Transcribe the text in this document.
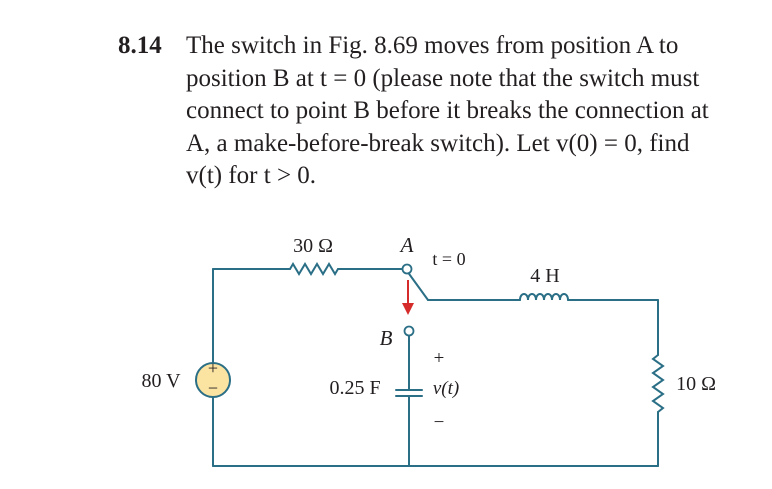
8.14 The switch in Fig. 8.69 moves from position A to
position B at t = 0 (please note that the switch must
connect to point B before it breaks the connection at
A, a make-before-break switch). Let v(0) = 0, find
v(t) for t > 0.
+
−
30 Ω	A
t = 0
4 H
B
80 V	0.25 F
+
v(t)
−
10 Ω
